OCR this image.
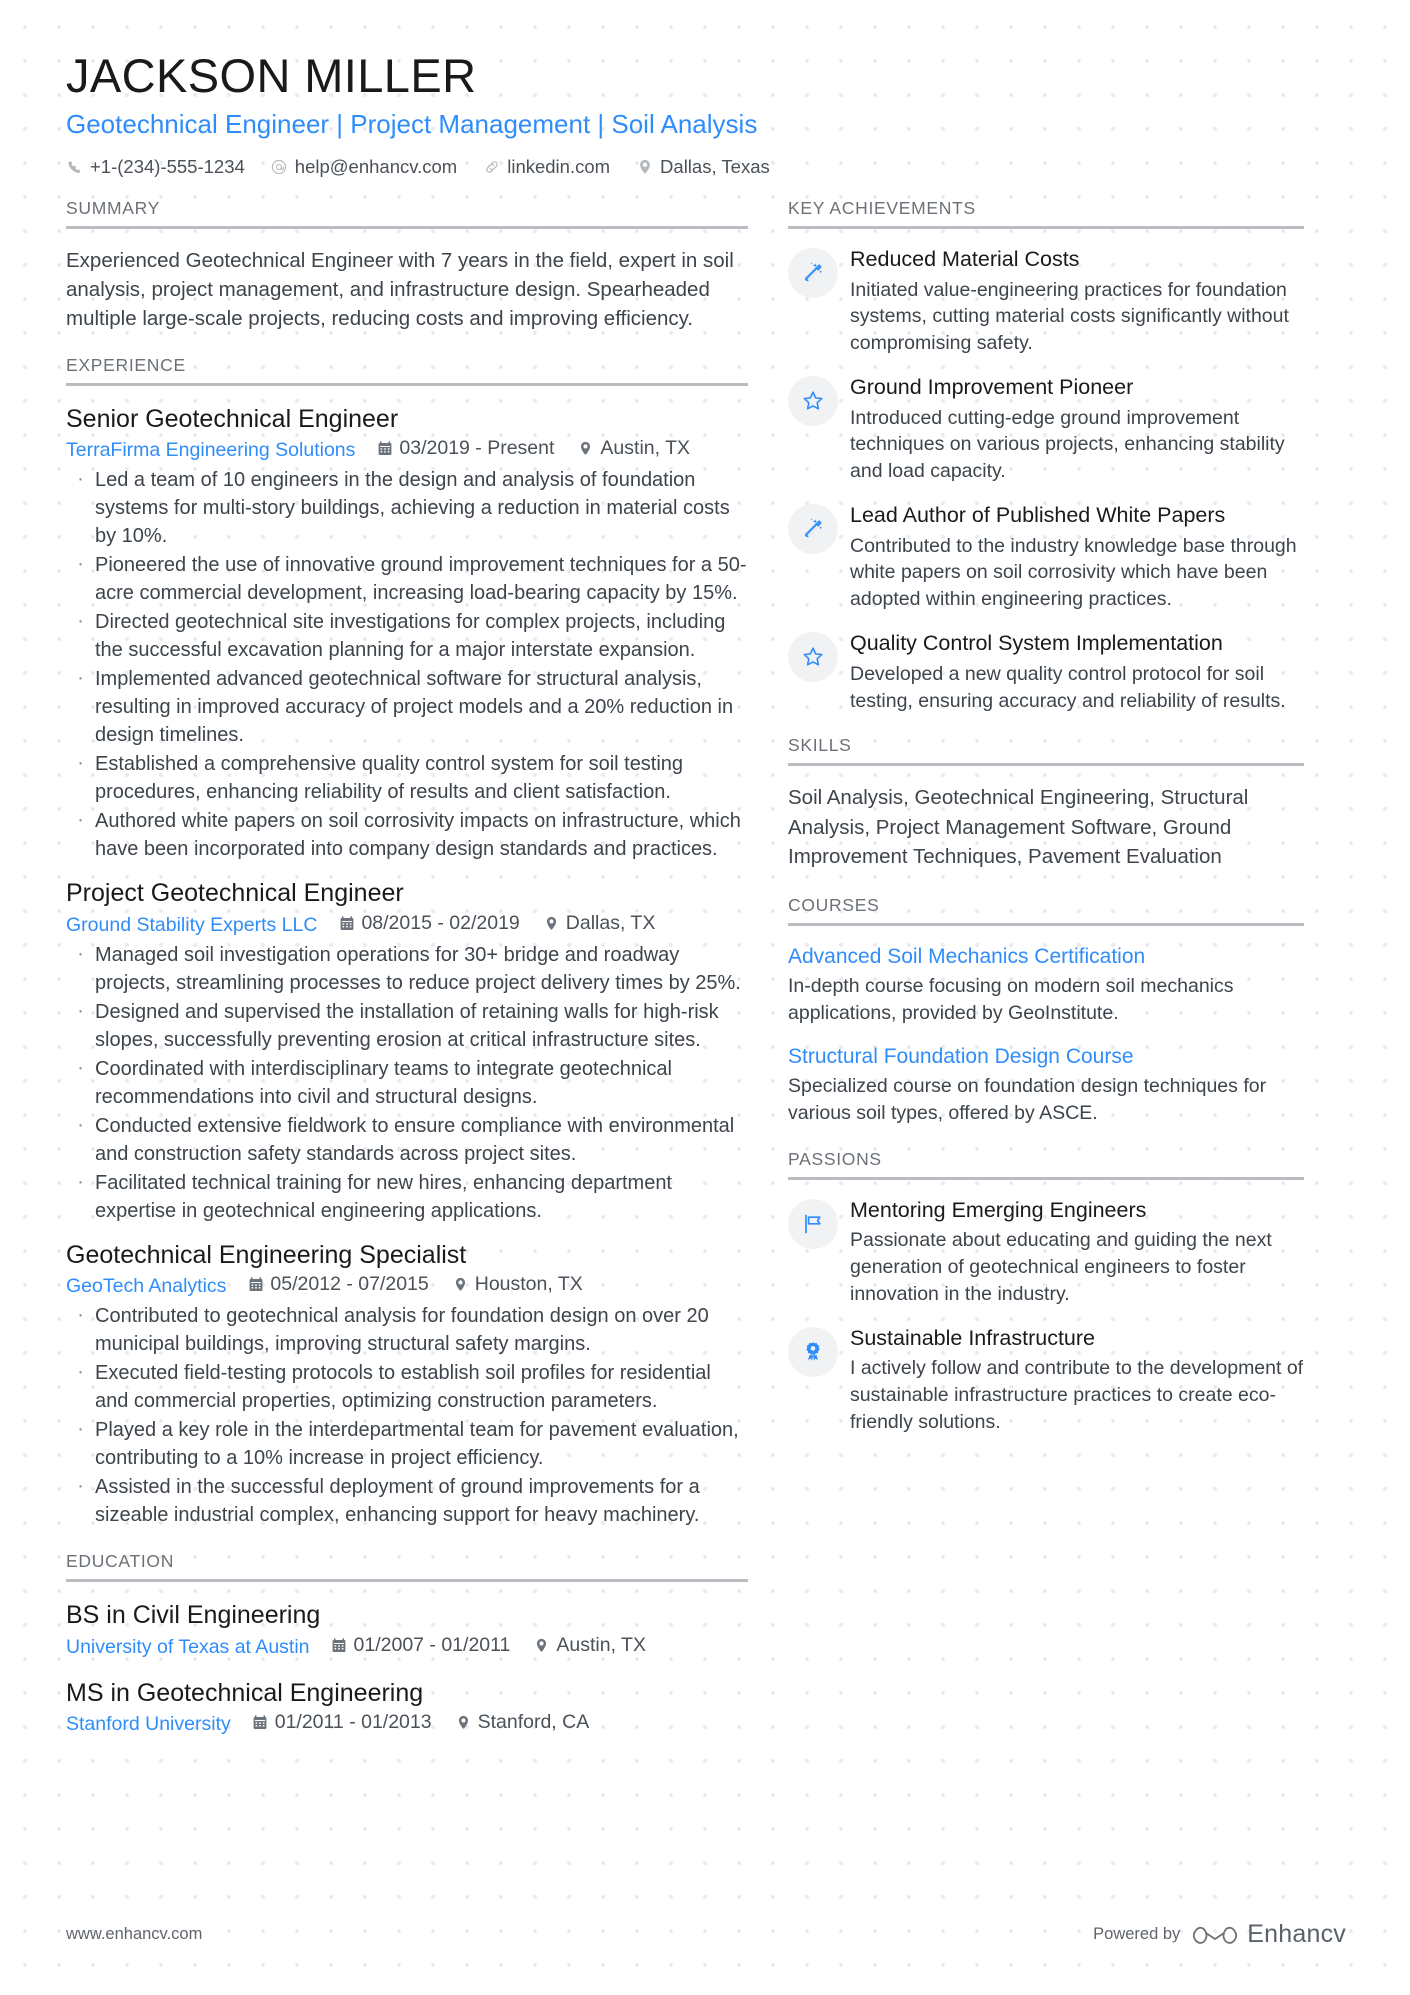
JACKSON MILLER
Geotechnical Engineer | Project Management | Soil Analysis
+1-(234)-555-1234	help@enhancv.com	linkedin.com	Dallas, Texas
SUMMARY
Experienced Geotechnical Engineer with 7 years in the field, expert in soil analysis, project management, and infrastructure design. Spearheaded multiple large-scale projects, reducing costs and improving efficiency.
EXPERIENCE
Senior Geotechnical Engineer
TerraFirma Engineering Solutions 03/2019 - Present Austin, TX
· Led a team of 10 engineers in the design and analysis of foundation systems for multi-story buildings, achieving a reduction in material costs by 10%.
· Pioneered the use of innovative ground improvement techniques for a 50-acre commercial development, increasing load-bearing capacity by 15%.
· Directed geotechnical site investigations for complex projects, including the successful excavation planning for a major interstate expansion.
· Implemented advanced geotechnical software for structural analysis, resulting in improved accuracy of project models and a 20% reduction in design timelines.
· Established a comprehensive quality control system for soil testing procedures, enhancing reliability of results and client satisfaction.
· Authored white papers on soil corrosivity impacts on infrastructure, which have been incorporated into company design standards and practices.
Project Geotechnical Engineer
Ground Stability Experts LLC 08/2015 - 02/2019 Dallas, TX
· Managed soil investigation operations for 30+ bridge and roadway projects, streamlining processes to reduce project delivery times by 25%.
· Designed and supervised the installation of retaining walls for high-risk slopes, successfully preventing erosion at critical infrastructure sites.
· Coordinated with interdisciplinary teams to integrate geotechnical recommendations into civil and structural designs.
· Conducted extensive fieldwork to ensure compliance with environmental and construction safety standards across project sites.
· Facilitated technical training for new hires, enhancing department expertise in geotechnical engineering applications.
Geotechnical Engineering Specialist
GeoTech Analytics 05/2012 - 07/2015 Houston, TX
· Contributed to geotechnical analysis for foundation design on over 20 municipal buildings, improving structural safety margins.
· Executed field-testing protocols to establish soil profiles for residential and commercial properties, optimizing construction parameters.
· Played a key role in the interdepartmental team for pavement evaluation, contributing to a 10% increase in project efficiency.
· Assisted in the successful deployment of ground improvements for a sizeable industrial complex, enhancing support for heavy machinery.
EDUCATION
BS in Civil Engineering
University of Texas at Austin 01/2007 - 01/2011 Austin, TX
MS in Geotechnical Engineering
Stanford University 01/2011 - 01/2013 Stanford, CA
KEY ACHIEVEMENTS
Reduced Material Costs
Initiated value-engineering practices for foundation systems, cutting material costs significantly without compromising safety.
Ground Improvement Pioneer
Introduced cutting-edge ground improvement techniques on various projects, enhancing stability and load capacity.
Lead Author of Published White Papers
Contributed to the industry knowledge base through white papers on soil corrosivity which have been adopted within engineering practices.
Quality Control System Implementation
Developed a new quality control protocol for soil testing, ensuring accuracy and reliability of results.
SKILLS
Soil Analysis, Geotechnical Engineering, Structural Analysis, Project Management Software, Ground Improvement Techniques, Pavement Evaluation
COURSES
Advanced Soil Mechanics Certification
In-depth course focusing on modern soil mechanics applications, provided by GeoInstitute.
Structural Foundation Design Course
Specialized course on foundation design techniques for various soil types, offered by ASCE.
PASSIONS
Mentoring Emerging Engineers
Passionate about educating and guiding the next generation of geotechnical engineers to foster innovation in the industry.
Sustainable Infrastructure
I actively follow and contribute to the development of sustainable infrastructure practices to create eco-friendly solutions.
www.enhancv.com	Powered by	Enhancv
